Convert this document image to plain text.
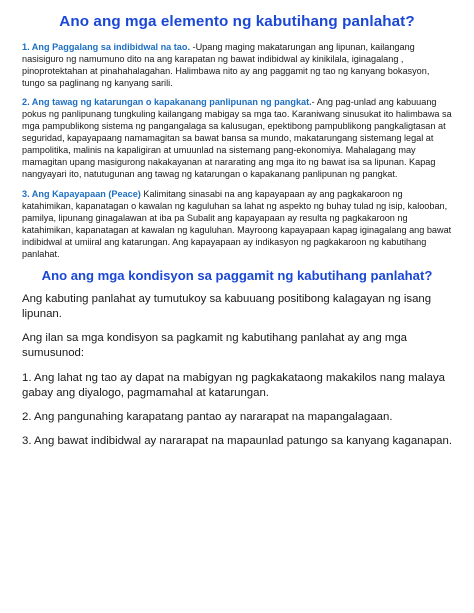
Ano ang mga elemento ng kabutihang panlahat?

1. Ang Paggalang sa indibidwal na tao. -Upang maging makatarungan ang lipunan, kailangang nasisiguro ng namumuno dito na ang karapatan ng bawat indibidwal ay kinikilala, iginagalang , pinoprotektahan at pinahahalagahan. Halimbawa nito ay ang paggamit ng tao ng kanyang bokasyon, tungo sa paglinang ng kanyang sarili.

2. Ang tawag ng katarungan o kapakanang panlipunan ng pangkat.- Ang pag-unlad ang kabuuang pokus ng panlipunang tungkuling kailangang mabigay sa mga tao. Karaniwang sinusukat ito halimbawa sa mga pampublikong sistema ng pangangalaga sa kalusugan, epektibong pampublikong pangkaligtasan at seguridad, kapayapaang namamagitan sa bawat bansa sa mundo, makatarungang sistemang legal at pampolitika, malinis na kapaligiran at umuunlad na sistemang pang-ekonomiya. Mahalagang may mamagitan upang masigurong nakakayanan at nararating ang mga ito ng bawat isa sa lipunan. Kapag nangyayari ito, natutugunan ang tawag ng katarungan o kapakanang panlipunan ng pangkat.

3. Ang Kapayapaan (Peace) Kalimitang sinasabi na ang kapayapaan ay ang pagkakaroon ng katahimikan, kapanatagan o kawalan ng kaguluhan sa lahat ng aspekto ng buhay tulad ng isip, kalooban, pamilya, lipunang ginagalawan at iba pa Subalit ang kapayapaan ay resulta ng pagkakaroon ng katahimikan, kapanatagan at kawalan ng kaguluhan. Mayroong kapayapaan kapag iginagalang ang bawat indibidwal at umiiral ang katarungan. Ang kapayapaan ay indikasyon ng pagkakaroon ng kabutihang panlahat.

Ano ang mga kondisyon sa paggamit ng kabutihang panlahat?

Ang kabuting panlahat ay tumutukoy sa kabuuang positibong kalagayan ng isang lipunan.

Ang ilan sa mga kondisyon sa pagkamit ng kabutihang panlahat ay ang mga sumusunod:

1. Ang lahat ng tao ay dapat na mabigyan ng pagkakataong makakilos nang malaya gabay ang diyalogo, pagmamahal at katarungan.

2. Ang pangunahing karapatang pantao ay nararapat na mapangalagaan.

3. Ang bawat indibidwal ay nararapat na mapaunlad patungo sa kanyang kaganapan.
